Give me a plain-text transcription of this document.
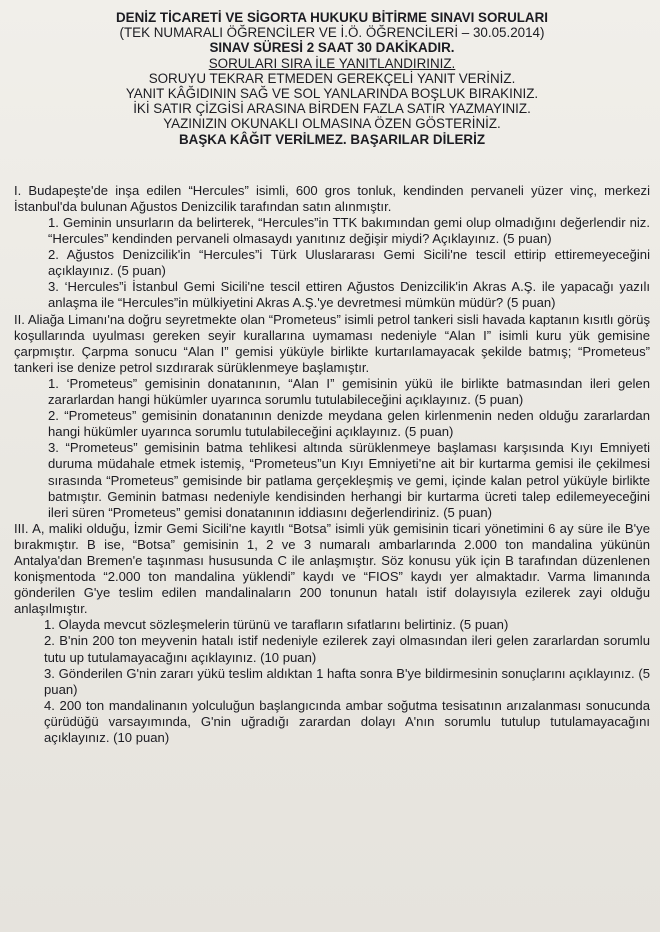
DENİZ TİCARETİ VE SİGORTA HUKUKU BİTİRME SINAVI SORULARI

(TEK NUMARALI ÖĞRENCİLER VE İ.Ö. ÖĞRENCİLERİ – 30.05.2014)

SINAV SÜRESİ 2 SAAT 30 DAKİKADIR.

SORULARI SIRA İLE YANITLANDIRINIZ.

SORUYU TEKRAR ETMEDEN GEREKÇELİ YANIT VERİNİZ.

YANIT KÂĞIDININ SAĞ VE SOL YANLARINDA BOŞLUK BIRAKINIZ.

İKİ SATIR ÇİZGİSİ ARASINA BİRDEN FAZLA SATIR YAZMAYINIZ.

YAZINIZIN OKUNAKLI OLMASINA ÖZEN GÖSTERİNİZ.

BAŞKA KÂĞIT VERİLMEZ. BAŞARILAR DİLERİZ

I. Budapeşte'de inşa edilen “Hercules” isimli, 600 gros tonluk, kendinden pervaneli yüzer vinç, merkezi İstanbul'da bulunan Ağustos Denizcilik tarafından satın alınmıştır.

1. Geminin unsurların da belirterek, “Hercules”in TTK bakımından gemi olup olmadığını değerlendir niz. “Hercules” kendinden pervaneli olmasaydı yanıtınız değişir miydi? Açıklayınız. (5 puan)

2. Ağustos Denizcilik'in “Hercules”i Türk Uluslararası Gemi Sicili'ne tescil ettirip ettiremeyeceğini açıklayınız. (5 puan)

3. ‘Hercules”i İstanbul Gemi Sicili'ne tescil ettiren Ağustos Denizcilik'in Akras A.Ş. ile yapacağı yazılı anlaşma ile “Hercules”in mülkiyetini Akras A.Ş.'ye devretmesi mümkün müdür? (5 puan)

II. Aliağa Limanı'na doğru seyretmekte olan “Prometeus” isimli petrol tankeri sisli havada kaptanın kısıtlı görüş koşullarında uyulması gereken seyir kurallarına uymaması nedeniyle “Alan I” isimli kuru yük gemisine çarpmıştır. Çarpma sonucu “Alan I” gemisi yüküyle birlikte kurtarılamayacak şekilde batmış; “Prometeus” tankeri ise denize petrol sızdırarak sürüklenmeye başlamıştır.

1. ‘Prometeus” gemisinin donatanının, “Alan I” gemisinin yükü ile birlikte batmasından ileri gelen zararlardan hangi hükümler uyarınca sorumlu tutulabileceğini açıklayınız. (5 puan)

2. “Prometeus” gemisinin donatanının denizde meydana gelen kirlenmenin neden olduğu zararlardan hangi hükümler uyarınca sorumlu tutulabileceğini açıklayınız. (5 puan)

3. “Prometeus” gemisinin batma tehlikesi altında sürüklenmeye başlaması karşısında Kıyı Emniyeti duruma müdahale etmek istemiş, “Prometeus”un Kıyı Emniyeti'ne ait bir kurtarma gemisi ile çekilmesi sırasında “Prometeus” gemisinde bir patlama gerçekleşmiş ve gemi, içinde kalan petrol yüküyle birlikte batmıştır. Geminin batması nedeniyle kendisinden herhangi bir kurtarma ücreti talep edilemeyeceğini ileri süren “Prometeus” gemisi donatanının iddiasını değerlendiriniz. (5 puan)

III. A, maliki olduğu, İzmir Gemi Sicili'ne kayıtlı “Botsa” isimli yük gemisinin ticari yönetimini 6 ay süre ile B'ye bırakmıştır. B ise, “Botsa” gemisinin 1, 2 ve 3 numaralı ambarlarında 2.000 ton mandalina yükünün Antalya'dan Bremen'e taşınması hususunda C ile anlaşmıştır. Söz konusu yük için B tarafından düzenlenen konişmentoda “2.000 ton mandalina yüklendi” kaydı ve “FIOS” kaydı yer almaktadır. Varma limanında gönderilen G'ye teslim edilen mandalinaların 200 tonunun hatalı istif dolayısıyla ezilerek zayi olduğu anlaşılmıştır.

1. Olayda mevcut sözleşmelerin türünü ve tarafların sıfatlarını belirtiniz. (5 puan)

2. B'nin 200 ton meyvenin hatalı istif nedeniyle ezilerek zayi olmasından ileri gelen zararlardan sorumlu tutu up tutulamayacağını açıklayınız. (10 puan)

3. Gönderilen G'nin zararı yükü teslim aldıktan 1 hafta sonra B'ye bildirmesinin sonuçlarını açıklayınız. (5 puan)

4. 200 ton mandalinanın yolculuğun başlangıcında ambar soğutma tesisatının arızalanması sonucunda çürüdüğü varsayımında, G'nin uğradığı zarardan dolayı A'nın sorumlu tutulup tutulamayacağını açıklayınız. (10 puan)
